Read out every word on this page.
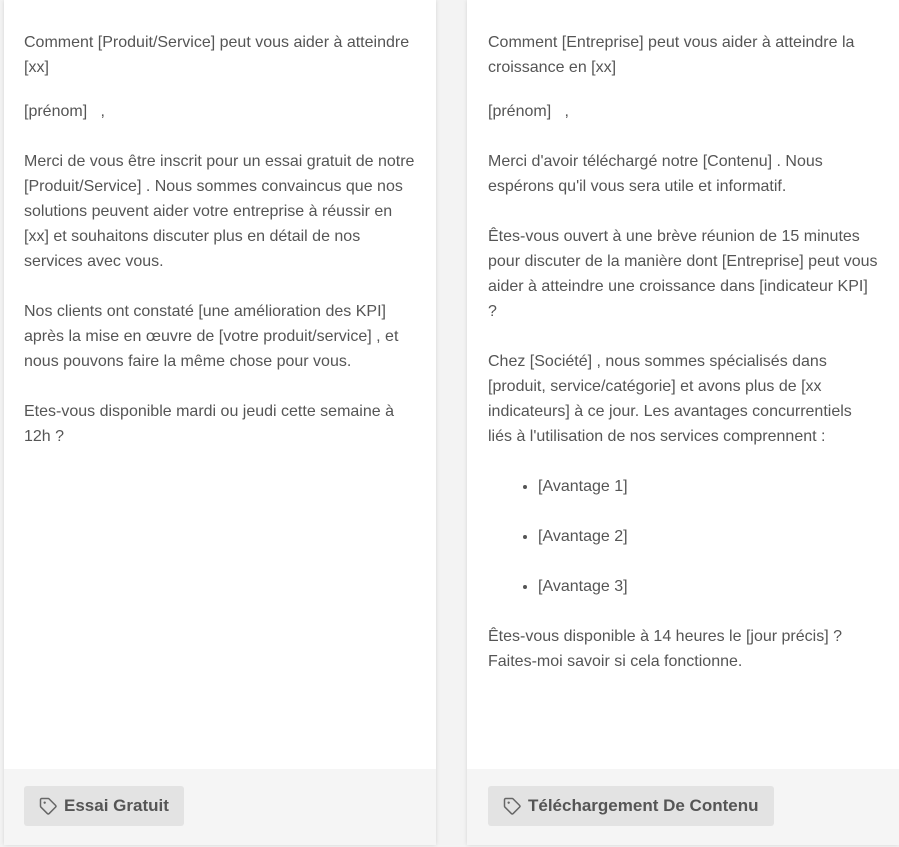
Comment [Produit/Service] peut vous aider à atteindre [xx]

[prénom]   ,

Merci de vous être inscrit pour un essai gratuit de notre [Produit/Service] . Nous sommes convaincus que nos solutions peuvent aider votre entreprise à réussir en [xx] et souhaitons discuter plus en détail de nos services avec vous.

Nos clients ont constaté [une amélioration des KPI] après la mise en œuvre de [votre produit/service] , et nous pouvons faire la même chose pour vous.

Etes-vous disponible mardi ou jeudi cette semaine à 12h ?

Essai Gratuit

Comment [Entreprise] peut vous aider à atteindre la croissance en [xx]

[prénom]   ,

Merci d'avoir téléchargé notre [Contenu] . Nous espérons qu'il vous sera utile et informatif.

Êtes-vous ouvert à une brève réunion de 15 minutes pour discuter de la manière dont [Entreprise] peut vous aider à atteindre une croissance dans [indicateur KPI] ?

Chez [Société] , nous sommes spécialisés dans [produit, service/catégorie] et avons plus de [xx indicateurs] à ce jour. Les avantages concurrentiels liés à l'utilisation de nos services comprennent :

• [Avantage 1]
• [Avantage 2]
• [Avantage 3]

Êtes-vous disponible à 14 heures le [jour précis] ? Faites-moi savoir si cela fonctionne.

Téléchargement De Contenu
